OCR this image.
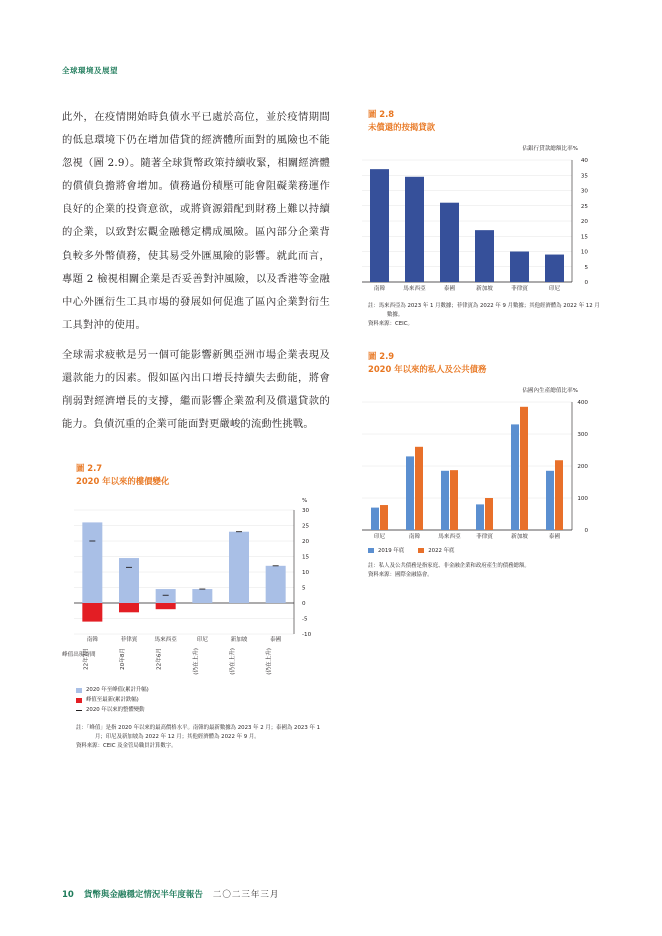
全球環境及展望

此外，在疫情開始時負債水平已處於高位，並於疫情期間的低息環境下仍在增加借貸的經濟體所面對的風險也不能忽視（圖 2.9）。隨著全球貨幣政策持續收緊，相關經濟體的償債負擔將會增加。債務過份積壓可能會阻礙業務運作良好的企業的投資意欲，或將資源錯配到財務上難以持續的企業，以致對宏觀金融穩定構成風險。區內部分企業背負較多外幣債務，使其易受外匯風險的影響。就此而言，專題 2 檢視相關企業是否妥善對沖風險，以及香港等金融中心外匯衍生工具市場的發展如何促進了區內企業對衍生工具對沖的使用。

全球需求疲軟是另一個可能影響新興亞洲市場企業表現及還款能力的因素。假如區內出口增長持續失去動能，將會削弱對經濟增長的支撐，繼而影響企業盈利及償還貸款的能力。負債沉重的企業可能面對更嚴峻的流動性挑戰。

圖 2.7
2020 年以來的樓價變化
%
-10
-5
0
5
10
15
20
25
30
南韓
22年7月
菲律賓
20年8月
馬來西亞
22年6月
印尼
(仍在上升)
新加坡
(仍在上升)
泰國
(仍在上升)
峰值出現時間
2020 年至峰值(累計升幅)
峰值至最新(累計跌幅)
2020 年以來的整體變動
註：「峰值」是指 2020 年以來的最高價格水平。南韓的最新數據為 2023 年 2 月；泰國為 2023 年 1 月；印尼及新加坡為 2022 年 12 月；其他經濟體為 2022 年 9 月。
資料來源：CEIC 及金管局職員計算數字。
圖 2.8
未償還的按揭貸款
佔銀行貸款總額比率%
0
5
10
15
20
25
30
35
40
南韓	馬來西亞	泰國	新加坡	菲律賓	印尼
註：馬來西亞為 2023 年 1 月數據；菲律賓為 2022 年 9 月數據；其他經濟體為 2022 年 12 月數據。
資料來源：CEIC。
圖 2.9
2020 年以來的私人及公共債務
佔國內生產總值比率%
0
100
200
300
400
印尼	南韓	馬來西亞	菲律賓	新加坡	泰國
2019 年底	2022 年底
註：私人及公共債務是指家庭、非金融企業和政府產生的債務總額。
資料來源：國際金融協會。
10 貨幣與金融穩定情況半年度報告 二〇二三年三月
